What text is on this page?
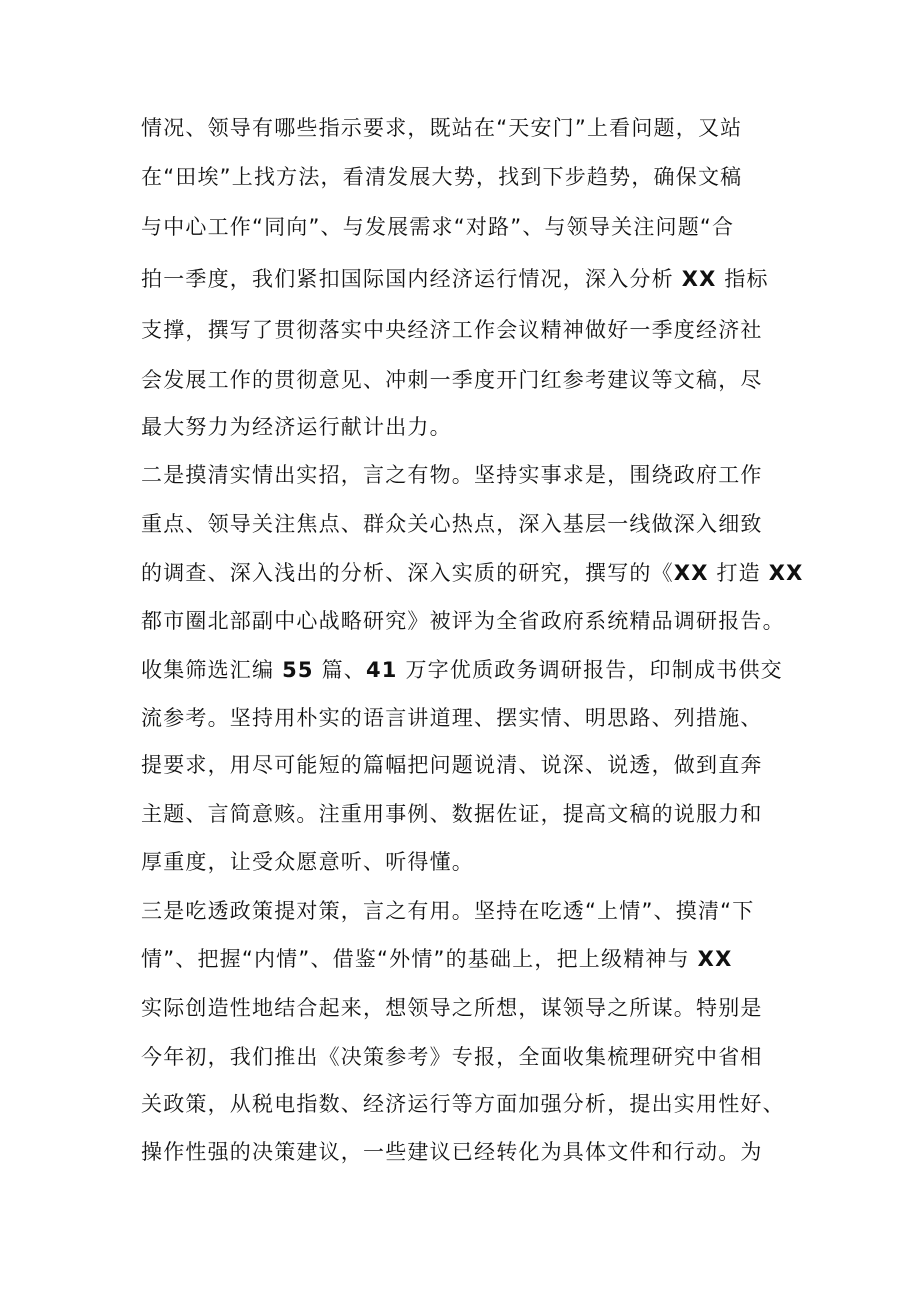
情况、领导有哪些指示要求，既站在“天安门”上看问题，又站
在“田埃”上找方法，看清发展大势，找到下步趋势，确保文稿
与中心工作“同向”、与发展需求“对路”、与领导关注问题“合
拍一季度，我们紧扣国际国内经济运行情况，深入分析 XX 指标
支撑，撰写了贯彻落实中央经济工作会议精神做好一季度经济社
会发展工作的贯彻意见、冲刺一季度开门红参考建议等文稿，尽
最大努力为经济运行献计出力。
二是摸清实情出实招，言之有物。坚持实事求是，围绕政府工作
重点、领导关注焦点、群众关心热点，深入基层一线做深入细致
的调查、深入浅出的分析、深入实质的研究，撰写的《XX 打造 XX
都市圈北部副中心战略研究》被评为全省政府系统精品调研报告。
收集筛选汇编 55 篇、41 万字优质政务调研报告，印制成书供交
流参考。坚持用朴实的语言讲道理、摆实情、明思路、列措施、
提要求，用尽可能短的篇幅把问题说清、说深、说透，做到直奔
主题、言简意赅。注重用事例、数据佐证，提高文稿的说服力和
厚重度，让受众愿意听、听得懂。
三是吃透政策提对策，言之有用。坚持在吃透“上情”、摸清“下
情”、把握“内情”、借鉴“外情”的基础上，把上级精神与 XX
实际创造性地结合起来，想领导之所想，谋领导之所谋。特别是
今年初，我们推出《决策参考》专报，全面收集梳理研究中省相
关政策，从税电指数、经济运行等方面加强分析，提出实用性好、
操作性强的决策建议，一些建议已经转化为具体文件和行动。为
